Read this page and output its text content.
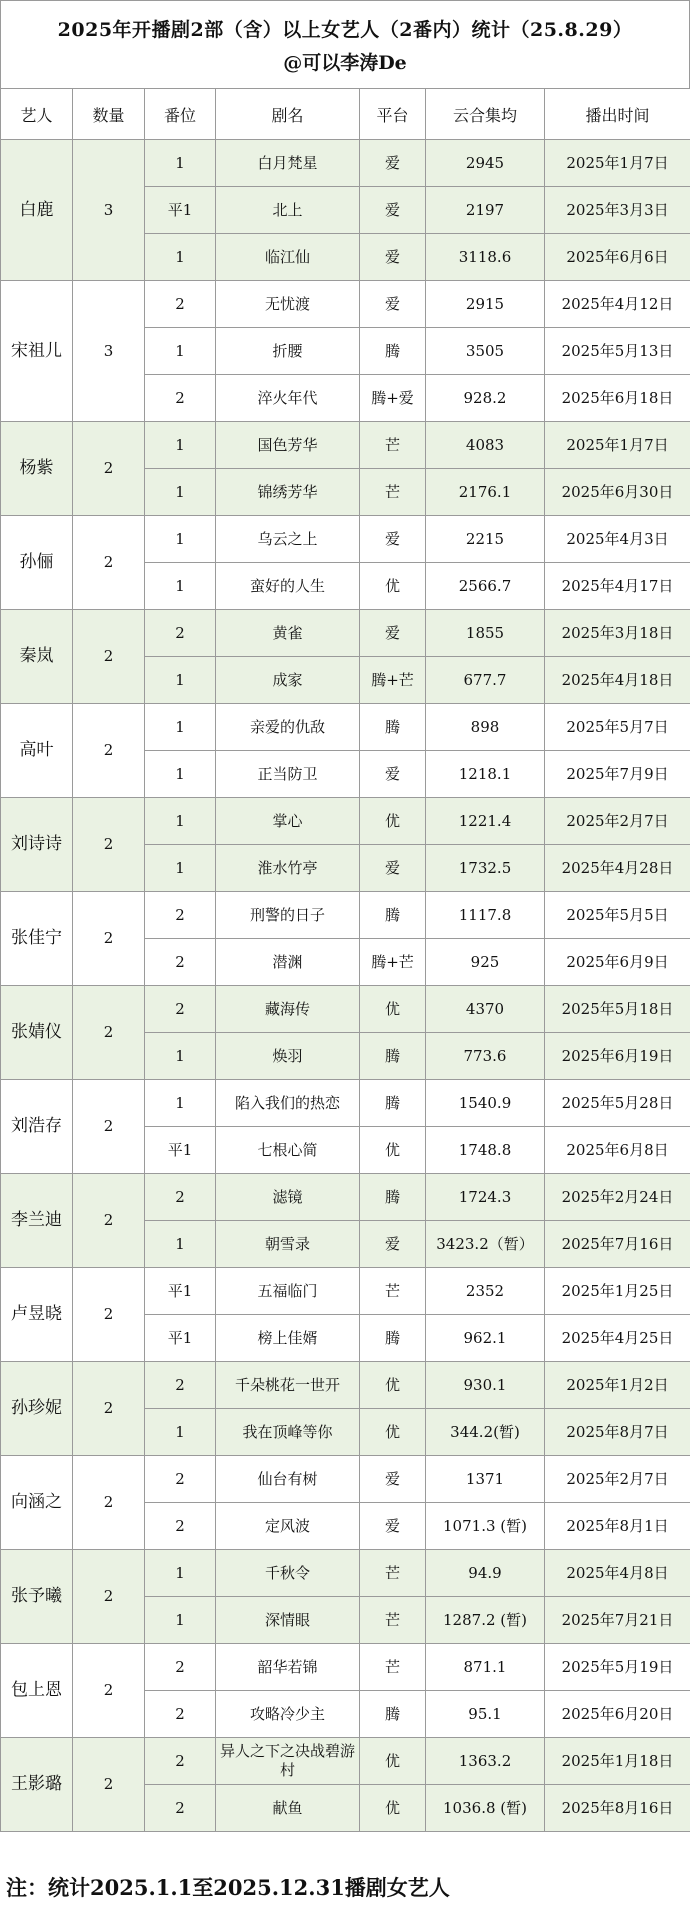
2025年开播剧2部（含）以上女艺人（2番内）统计（25.8.29）
@可以李涛De
艺人	数量	番位	剧名	平台	云合集均	播出时间
白鹿	3	1	白月梵星	爱	2945	2025年1月7日
		平1	北上	爱	2197	2025年3月3日
		1	临江仙	爱	3118.6	2025年6月6日
宋祖儿	3	2	无忧渡	爱	2915	2025年4月12日
		1	折腰	腾	3505	2025年5月13日
		2	淬火年代	腾+爱	928.2	2025年6月18日
杨紫	2	1	国色芳华	芒	4083	2025年1月7日
		1	锦绣芳华	芒	2176.1	2025年6月30日
孙俪	2	1	乌云之上	爱	2215	2025年4月3日
		1	蛮好的人生	优	2566.7	2025年4月17日
秦岚	2	2	黄雀	爱	1855	2025年3月18日
		1	成家	腾+芒	677.7	2025年4月18日
高叶	2	1	亲爱的仇敌	腾	898	2025年5月7日
		1	正当防卫	爱	1218.1	2025年7月9日
刘诗诗	2	1	掌心	优	1221.4	2025年2月7日
		1	淮水竹亭	爱	1732.5	2025年4月28日
张佳宁	2	2	刑警的日子	腾	1117.8	2025年5月5日
		2	潜渊	腾+芒	925	2025年6月9日
张婧仪	2	2	藏海传	优	4370	2025年5月18日
		1	焕羽	腾	773.6	2025年6月19日
刘浩存	2	1	陷入我们的热恋	腾	1540.9	2025年5月28日
		平1	七根心简	优	1748.8	2025年6月8日
李兰迪	2	2	滤镜	腾	1724.3	2025年2月24日
		1	朝雪录	爱	3423.2（暂）	2025年7月16日
卢昱晓	2	平1	五福临门	芒	2352	2025年1月25日
		平1	榜上佳婿	腾	962.1	2025年4月25日
孙珍妮	2	2	千朵桃花一世开	优	930.1	2025年1月2日
		1	我在顶峰等你	优	344.2(暂)	2025年8月7日
向涵之	2	2	仙台有树	爱	1371	2025年2月7日
		2	定风波	爱	1071.3 (暂)	2025年8月1日
张予曦	2	1	千秋令	芒	94.9	2025年4月8日
		1	深情眼	芒	1287.2 (暂)	2025年7月21日
包上恩	2	2	韶华若锦	芒	871.1	2025年5月19日
		2	攻略冷少主	腾	95.1	2025年6月20日
王影璐	2	2	异人之下之决战碧游村	优	1363.2	2025年1月18日
		2	献鱼	优	1036.8 (暂)	2025年8月16日
注：统计2025.1.1至2025.12.31播剧女艺人
